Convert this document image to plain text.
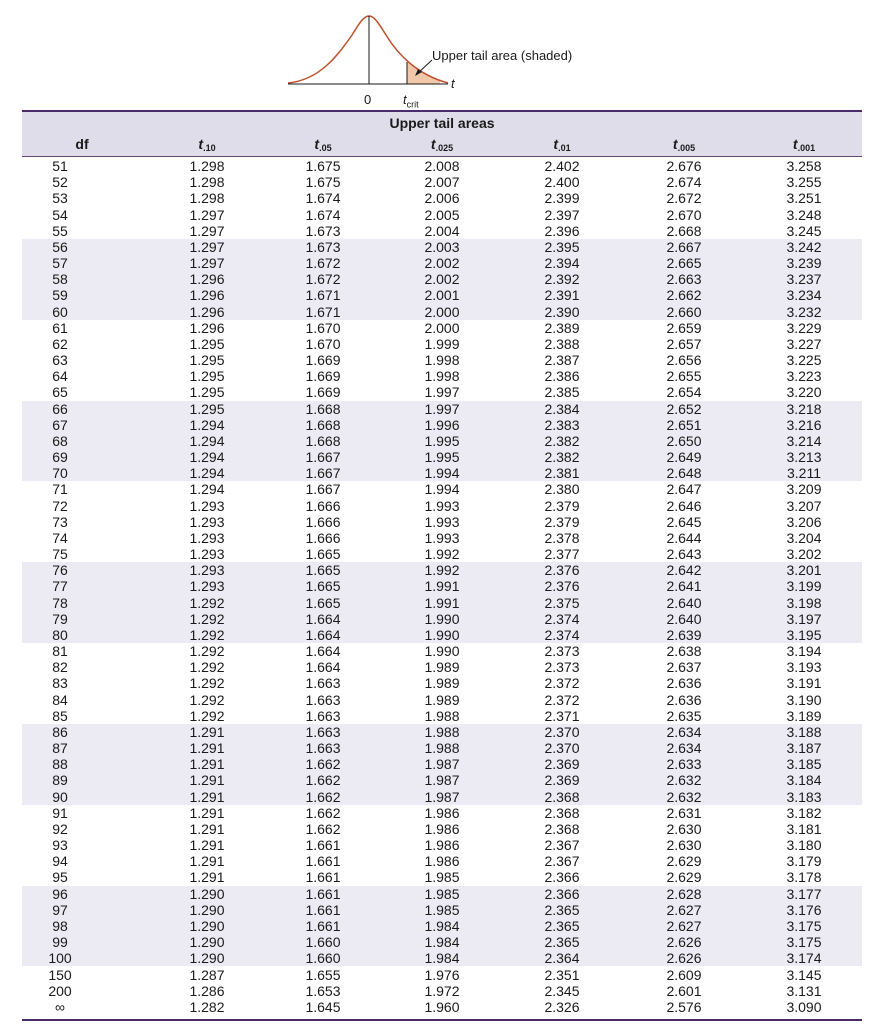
Upper tail area (shaded)
0
t
$t_{crit}$
Upper tail areas
df	$t_{.10}$	$t_{.05}$	$t_{.025}$	$t_{.01}$	$t_{.005}$	$t_{.001}$
51	1.298	1.675	2.008	2.402	2.676	3.258
52	1.298	1.675	2.007	2.400	2.674	3.255
53	1.298	1.674	2.006	2.399	2.672	3.251
54	1.297	1.674	2.005	2.397	2.670	3.248
55	1.297	1.673	2.004	2.396	2.668	3.245
56	1.297	1.673	2.003	2.395	2.667	3.242
57	1.297	1.672	2.002	2.394	2.665	3.239
58	1.296	1.672	2.002	2.392	2.663	3.237
59	1.296	1.671	2.001	2.391	2.662	3.234
60	1.296	1.671	2.000	2.390	2.660	3.232
61	1.296	1.670	2.000	2.389	2.659	3.229
62	1.295	1.670	1.999	2.388	2.657	3.227
63	1.295	1.669	1.998	2.387	2.656	3.225
64	1.295	1.669	1.998	2.386	2.655	3.223
65	1.295	1.669	1.997	2.385	2.654	3.220
66	1.295	1.668	1.997	2.384	2.652	3.218
67	1.294	1.668	1.996	2.383	2.651	3.216
68	1.294	1.668	1.995	2.382	2.650	3.214
69	1.294	1.667	1.995	2.382	2.649	3.213
70	1.294	1.667	1.994	2.381	2.648	3.211
71	1.294	1.667	1.994	2.380	2.647	3.209
72	1.293	1.666	1.993	2.379	2.646	3.207
73	1.293	1.666	1.993	2.379	2.645	3.206
74	1.293	1.666	1.993	2.378	2.644	3.204
75	1.293	1.665	1.992	2.377	2.643	3.202
76	1.293	1.665	1.992	2.376	2.642	3.201
77	1.293	1.665	1.991	2.376	2.641	3.199
78	1.292	1.665	1.991	2.375	2.640	3.198
79	1.292	1.664	1.990	2.374	2.640	3.197
80	1.292	1.664	1.990	2.374	2.639	3.195
81	1.292	1.664	1.990	2.373	2.638	3.194
82	1.292	1.664	1.989	2.373	2.637	3.193
83	1.292	1.663	1.989	2.372	2.636	3.191
84	1.292	1.663	1.989	2.372	2.636	3.190
85	1.292	1.663	1.988	2.371	2.635	3.189
86	1.291	1.663	1.988	2.370	2.634	3.188
87	1.291	1.663	1.988	2.370	2.634	3.187
88	1.291	1.662	1.987	2.369	2.633	3.185
89	1.291	1.662	1.987	2.369	2.632	3.184
90	1.291	1.662	1.987	2.368	2.632	3.183
91	1.291	1.662	1.986	2.368	2.631	3.182
92	1.291	1.662	1.986	2.368	2.630	3.181
93	1.291	1.661	1.986	2.367	2.630	3.180
94	1.291	1.661	1.986	2.367	2.629	3.179
95	1.291	1.661	1.985	2.366	2.629	3.178
96	1.290	1.661	1.985	2.366	2.628	3.177
97	1.290	1.661	1.985	2.365	2.627	3.176
98	1.290	1.661	1.984	2.365	2.627	3.175
99	1.290	1.660	1.984	2.365	2.626	3.175
100	1.290	1.660	1.984	2.364	2.626	3.174
150	1.287	1.655	1.976	2.351	2.609	3.145
200	1.286	1.653	1.972	2.345	2.601	3.131
∞	1.282	1.645	1.960	2.326	2.576	3.090
